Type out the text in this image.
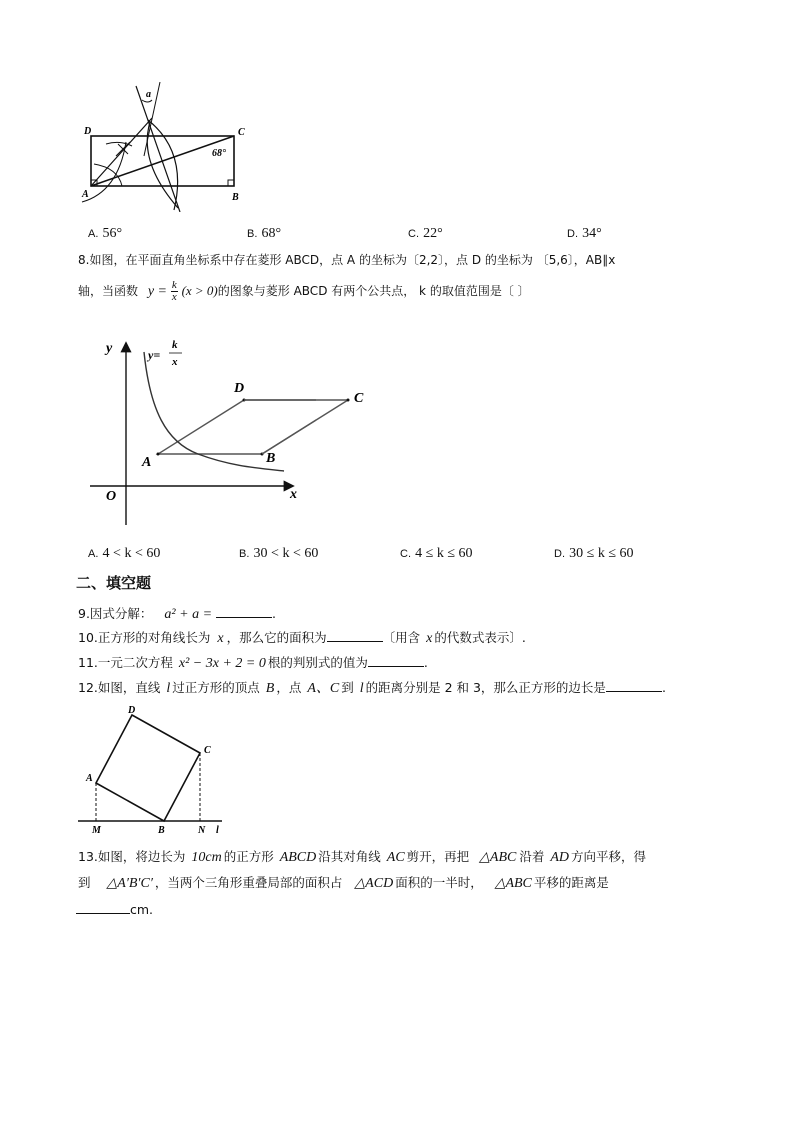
a
D	C
A	B
68°
A. 56°	B. 68°	C. 22°	D. 34°
8.如图，在平面直角坐标系中存在菱形 ABCD，点 A 的坐标为〔2,2〕，点 D 的坐标为 〔5,6〕，AB∥x
轴，当函数 $y = \frac{k}{x} (x > 0)$的图象与菱形 ABCD 有两个公共点， k 的取值范围是〔 〕
y	y=
k
x
D
A	B
O	x
C
A. 4 < k < 60	B. 30 < k < 60	C. 4 ≤ k ≤ 60	D. 30 ≤ k ≤ 60
二、填空题
9.因式分解： a² + a =	.
10.正方形的对角线长为 x ，那么它的面积为	〔用含 x 的代数式表示〕.
11.一元二次方程 x² − 3x + 2 = 0 根的判别式的值为	.
12.如图，直线 l 过正方形的顶点 B ，点 A、C 到 l 的距离分别是 2 和 3，那么正方形的边长是	.
D
C
A
M	B	N l
13.如图，将边长为 10cm 的正方形 ABCD 沿其对角线 AC 剪开，再把 △ABC 沿着 AD 方向平移，得
到 △A′B′C′ ，当两个三角形重叠局部的面积占 △ACD 面积的一半时， △ABC 平移的距离是
cm.
